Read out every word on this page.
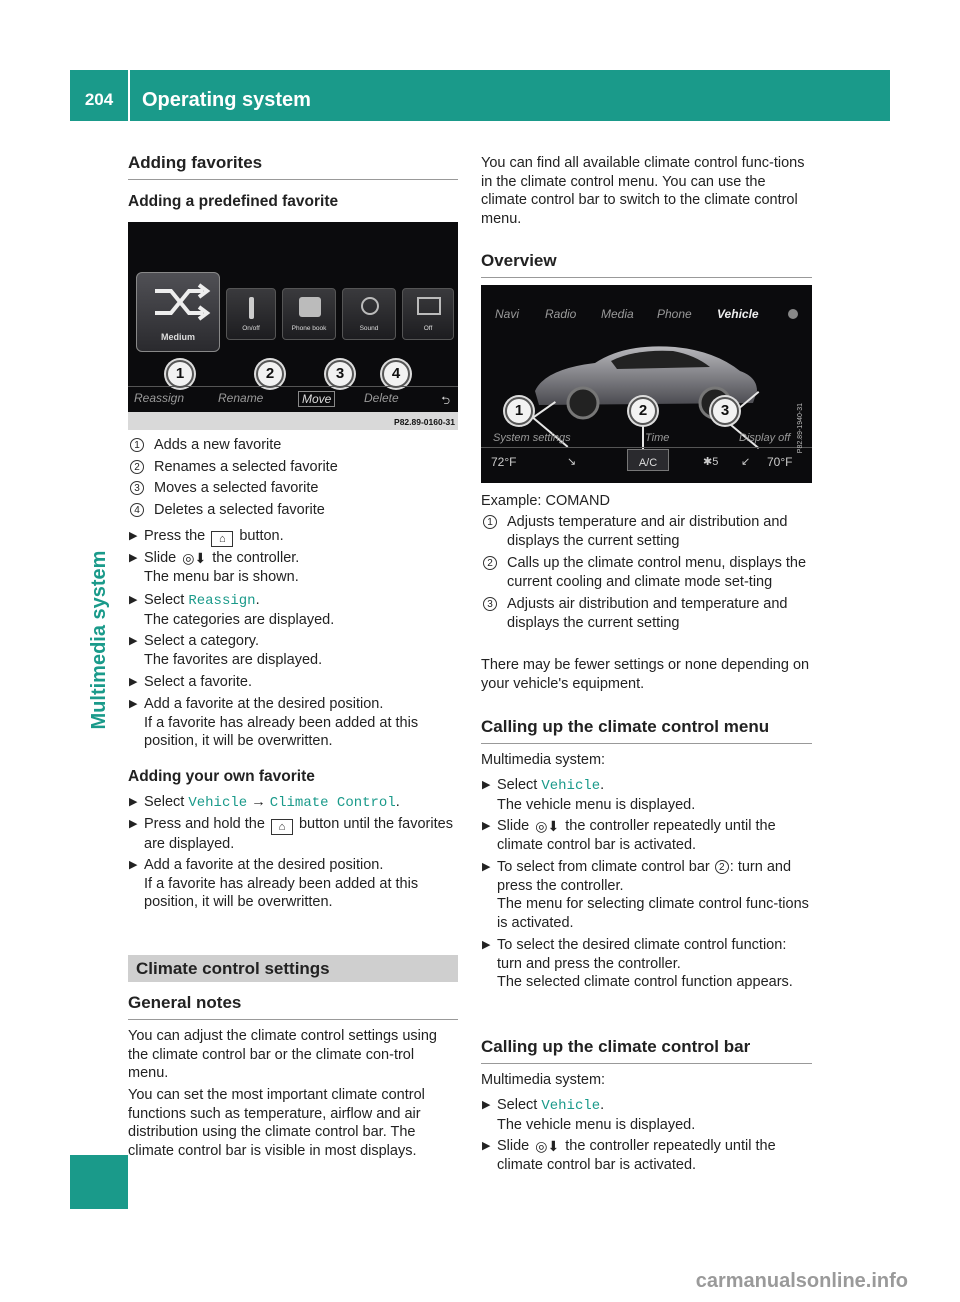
204	Operating system
Multimedia system
Adding favorites
Adding a predefined favorite
Medium
On/off	Phone book	Sound	Off
1	2	3	4
Reassign	Rename	Move	Delete	⮌
P82.89-0160-31
1 Adds a new favorite
2 Renames a selected favorite
3 Moves a selected favorite
4 Deletes a selected favorite
▶ Press the ⌂ button.
▶ Slide ◎⬇ the controller.
The menu bar is shown.
▶ Select Reassign.
The categories are displayed.
▶ Select a category.
The favorites are displayed.
▶ Select a favorite.
▶ Add a favorite at the desired position.
If a favorite has already been added at this position, it will be overwritten.
Adding your own favorite
▶ Select Vehicle → Climate Control.
▶ Press and hold the ⌂ button until the favorites are displayed.
▶ Add a favorite at the desired position.
If a favorite has already been added at this position, it will be overwritten.
Climate control settings
General notes
You can adjust the climate control settings using the climate control bar or the climate con-trol menu.
You can set the most important climate control functions such as temperature, airflow and air distribution using the climate control bar. The climate control bar is visible in most displays.
You can find all available climate control func-tions in the climate control menu. You can use the climate control bar to switch to the climate control menu.
Overview
Navi Radio Media Phone Vehicle
1	2	3
System settings	Time	Display off
72°F	↘	A/C	✱5 ↙ 70°F
P82.89-1940-31
Example: COMAND
1 Adjusts temperature and air distribution and displays the current setting
2 Calls up the climate control menu, displays the current cooling and climate mode set-ting
3 Adjusts air distribution and temperature and displays the current setting
There may be fewer settings or none depending on your vehicle's equipment.
Calling up the climate control menu
Multimedia system:
▶ Select Vehicle.
The vehicle menu is displayed.
▶ Slide ◎⬇ the controller repeatedly until the climate control bar is activated.
▶ To select from climate control bar 2 : turn and press the controller.
The menu for selecting climate control func-tions is activated.
▶ To select the desired climate control function: turn and press the controller.
The selected climate control function appears.
Calling up the climate control bar
Multimedia system:
▶ Select Vehicle.
The vehicle menu is displayed.
▶ Slide ◎⬇ the controller repeatedly until the climate control bar is activated.
carmanualsonline.info
